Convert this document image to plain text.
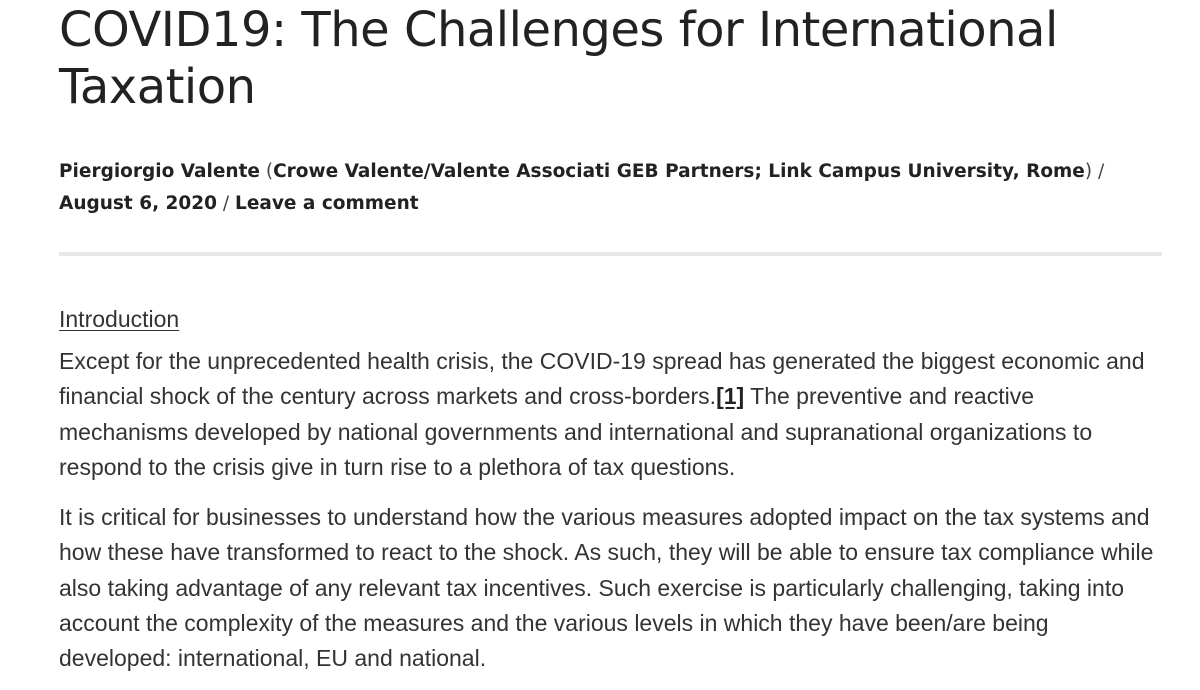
COVID19: The Challenges for International Taxation
Piergiorgio Valente (Crowe Valente/Valente Associati GEB Partners; Link Campus University, Rome) / August 6, 2020 / Leave a comment
Introduction

Except for the unprecedented health crisis, the COVID-19 spread has generated the biggest economic and financial shock of the century across markets and cross-borders.[1] The preventive and reactive mechanisms developed by national governments and international and supranational organizations to respond to the crisis give in turn rise to a plethora of tax questions.

It is critical for businesses to understand how the various measures adopted impact on the tax systems and how these have transformed to react to the shock. As such, they will be able to ensure tax compliance while also taking advantage of any relevant tax incentives. Such exercise is particularly challenging, taking into account the complexity of the measures and the various levels in which they have been/are being developed: international, EU and national.
